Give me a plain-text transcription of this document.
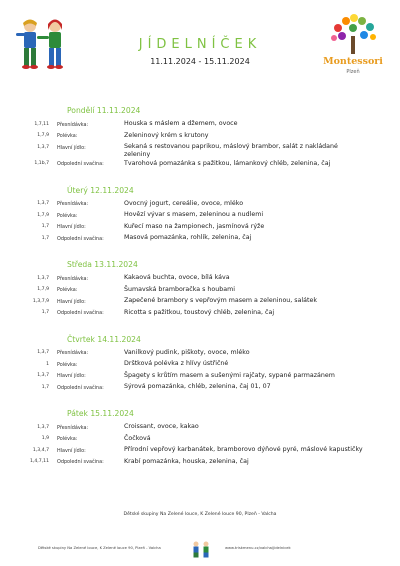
JÍDELNÍČEK
11.11.2024 - 15.11.2024	Montessori
Plzeň
Pondělí 11.11.2024
1,7,11	Přesnídávka:	Houska s máslem a džemem, ovoce
1,7,9	Polévka:	Zeleninový krém s krutony
1,3,7	Hlavní jídlo:	Sekaná s restovanou paprikou, máslový brambor, salát z nakládané zeleniny
1,1b,7	Odpolední svačina:	Tvarohová pomazánka s pažitkou, lámankový chléb, zelenina, čaj
Úterý 12.11.2024
1,3,7	Přesnídávka:	Ovocný jogurt, cereálie, ovoce, mléko
1,7,9	Polévka:	Hovězí vývar s masem, zeleninou a nudlemi
1,7	Hlavní jídlo:	Kuřecí maso na žampionech, jasmínová rýže
1,7	Odpolední svačina:	Masová pomazánka, rohlík, zelenina, čaj
Středa 13.11.2024
1,3,7	Přesnídávka:	Kakaová buchta, ovoce, bílá káva
1,7,9	Polévka:	Šumavská bramboračka s houbami
1,3,7,9	Hlavní jídlo:	Zapečené brambory s vepřovým masem a zeleninou, salátek
1,7	Odpolední svačina:	Ricotta s pažitkou, toustový chléb, zelenina, čaj
Čtvrtek 14.11.2024
1,3,7	Přesnídávka:	Vanilkový pudink, piškoty, ovoce, mléko
1	Polévka:	Drštková polévka z hlívy ústřičné
1,3,7	Hlavní jídlo:	Špagety s krůtím masem a sušenými rajčaty, sypané parmazánem
1,7	Odpolední svačina:	Sýrová pomazánka, chléb, zelenina, čaj 01, 07
Pátek 15.11.2024
1,3,7	Přesnídávka:	Croissant, ovoce, kakao
1,9	Polévka:	Čočková
1,3,4,7	Hlavní jídlo:	Přírodní vepřový karbanátek, bramborovo dýňové pyré, máslové kapustičky
1,4,7,11	Odpolední svačina:	Krabí pomazánka, houska, zelenina, čaj
Dětské skupiny Na Zelené louce, K Zelené louce 90, Plzeň - Valcha
Dětské skupiny Na Zelené louce, K Zelené louce 90, Plzeň - Valcha	www.triskmenu.cz/valcha/jidelnicek
